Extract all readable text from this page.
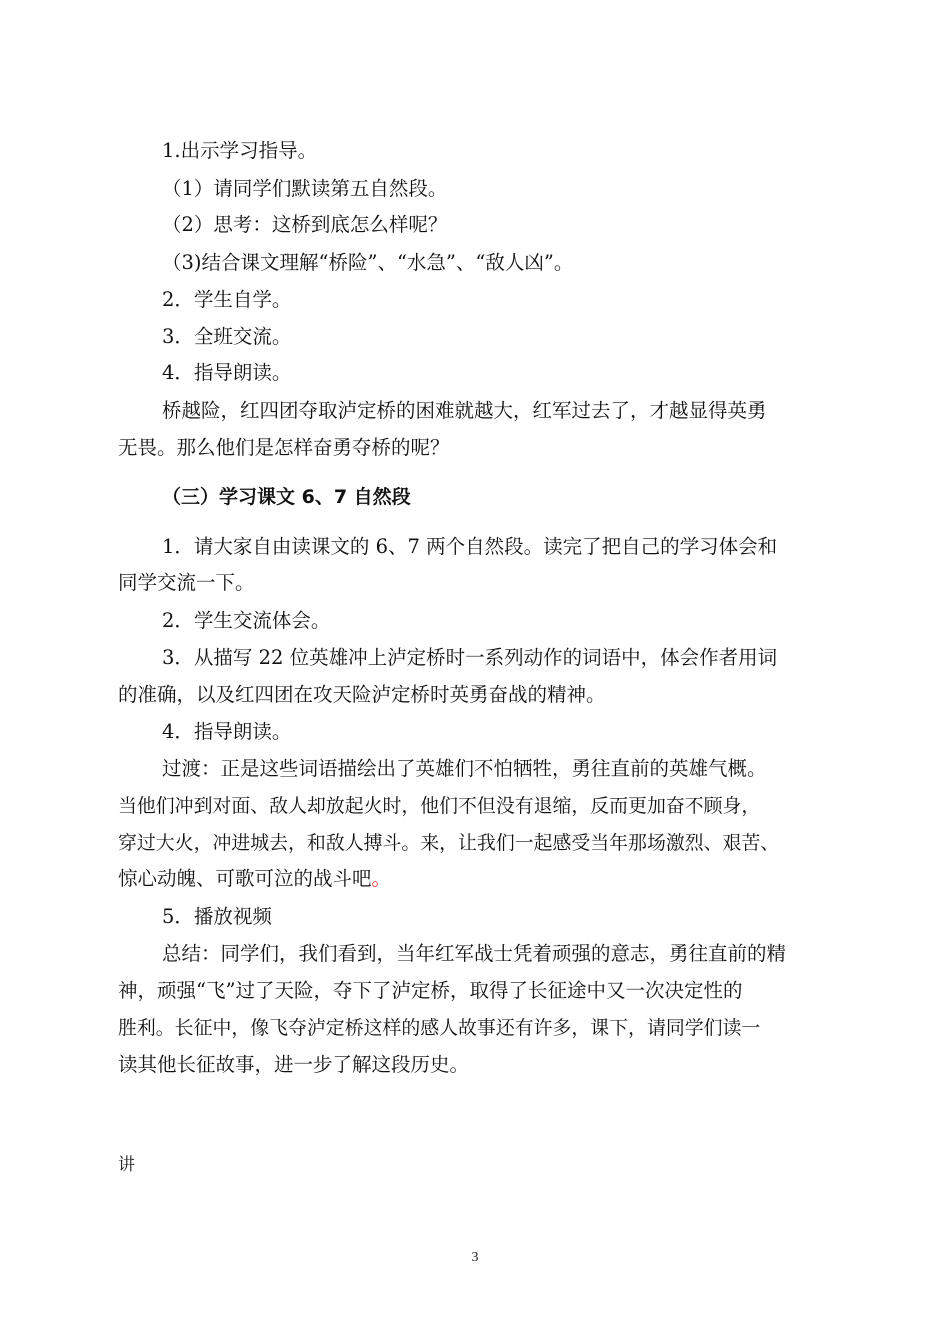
1.出示学习指导。
（1）请同学们默读第五自然段。
（2）思考：这桥到底怎么样呢？
（3)结合课文理解“桥险”、“水急”、“敌人凶”。
2．学生自学。
3．全班交流。
4．指导朗读。
桥越险，红四团夺取泸定桥的困难就越大，红军过去了，才越显得英勇
无畏。那么他们是怎样奋勇夺桥的呢？
（三）学习课文 6、7 自然段
1．请大家自由读课文的 6、7 两个自然段。读完了把自己的学习体会和
同学交流一下。
2．学生交流体会。
3．从描写 22 位英雄冲上泸定桥时一系列动作的词语中，体会作者用词
的准确，以及红四团在攻天险泸定桥时英勇奋战的精神。
4．指导朗读。
过渡：正是这些词语描绘出了英雄们不怕牺牲，勇往直前的英雄气概。
当他们冲到对面、敌人却放起火时，他们不但没有退缩，反而更加奋不顾身，
穿过大火，冲进城去，和敌人搏斗。来，让我们一起感受当年那场激烈、艰苦、
惊心动魄、可歌可泣的战斗吧。
5．播放视频
总结：同学们，我们看到，当年红军战士凭着顽强的意志，勇往直前的精
神，顽强“飞”过了天险，夺下了泸定桥，取得了长征途中又一次决定性的
胜利。长征中，像飞夺泸定桥这样的感人故事还有许多，课下，请同学们读一
读其他长征故事，进一步了解这段历史。
讲
3
